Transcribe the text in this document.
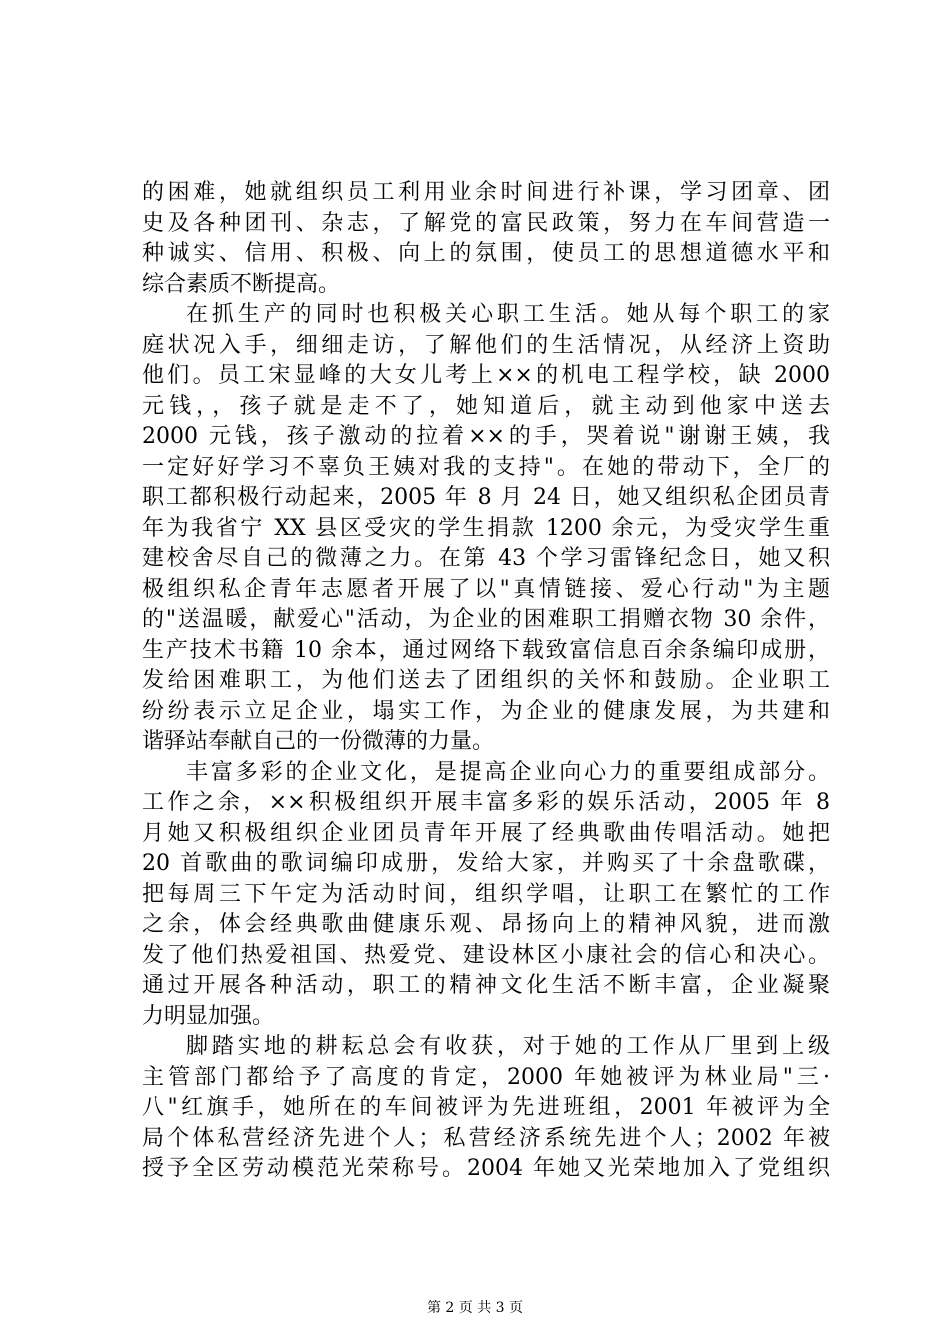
的困难，她就组织员工利用业余时间进行补课，学习团章、团
史及各种团刊、杂志，了解党的富民政策，努力在车间营造一
种诚实、信用、积极、向上的氛围，使员工的思想道德水平和
综合素质不断提高。
在抓生产的同时也积极关心职工生活。她从每个职工的家
庭状况入手，细细走访，了解他们的生活情况，从经济上资助
他们。员工宋显峰的大女儿考上××的机电工程学校，缺 2000
元钱，，孩子就是走不了，她知道后，就主动到他家中送去
2000 元钱，孩子激动的拉着××的手，哭着说"谢谢王姨，我
一定好好学习不辜负王姨对我的支持"。在她的带动下，全厂的
职工都积极行动起来，2005 年 8 月 24 日，她又组织私企团员青
年为我省宁 XX 县区受灾的学生捐款 1200 余元，为受灾学生重
建校舍尽自己的微薄之力。在第 43 个学习雷锋纪念日，她又积
极组织私企青年志愿者开展了以"真情链接、爱心行动"为主题
的"送温暖，献爱心"活动，为企业的困难职工捐赠衣物 30 余件，
生产技术书籍 10 余本，通过网络下载致富信息百余条编印成册，
发给困难职工，为他们送去了团组织的关怀和鼓励。企业职工
纷纷表示立足企业，塌实工作，为企业的健康发展，为共建和
谐驿站奉献自己的一份微薄的力量。
丰富多彩的企业文化，是提高企业向心力的重要组成部分。
工作之余，××积极组织开展丰富多彩的娱乐活动，2005 年 8
月她又积极组织企业团员青年开展了经典歌曲传唱活动。她把
20 首歌曲的歌词编印成册，发给大家，并购买了十余盘歌碟，
把每周三下午定为活动时间，组织学唱，让职工在繁忙的工作
之余，体会经典歌曲健康乐观、昂扬向上的精神风貌，进而激
发了他们热爱祖国、热爱党、建设林区小康社会的信心和决心。
通过开展各种活动，职工的精神文化生活不断丰富，企业凝聚
力明显加强。
脚踏实地的耕耘总会有收获，对于她的工作从厂里到上级
主管部门都给予了高度的肯定，2000 年她被评为林业局"三·
八"红旗手，她所在的车间被评为先进班组，2001 年被评为全
局个体私营经济先进个人；私营经济系统先进个人；2002 年被
授予全区劳动模范光荣称号。2004 年她又光荣地加入了党组织
第 2 页 共 3 页
